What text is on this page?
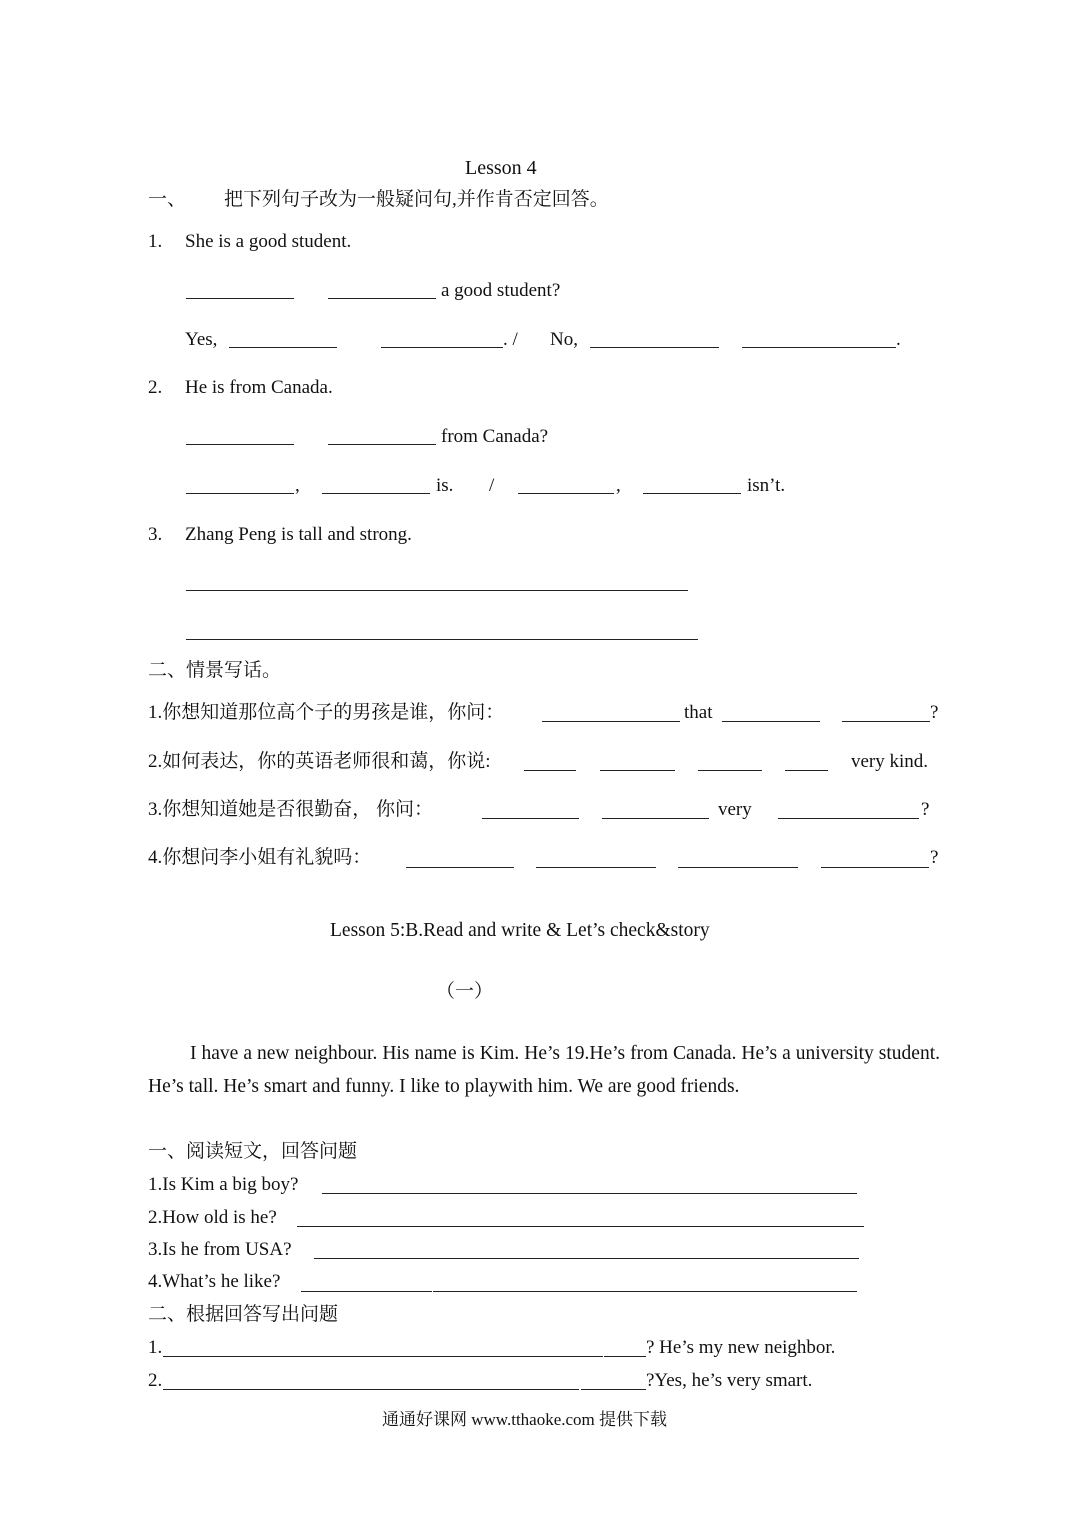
Lesson 4
一、 把下列句子改为一般疑问句,并作肯否定回答。
1. She is a good student.
a good student?
Yes,	. / No,	.
2. He is from Canada.
from Canada?
,	is. /	,	isn’t.
3. Zhang Peng is tall and strong.
二、情景写话。
1.你想知道那位高个子的男孩是谁，你问：	that	?
2.如何表达，你的英语老师很和蔼，你说:	very kind.
3.你想知道她是否很勤奋， 你问：	very	?
4.你想问李小姐有礼貌吗：	?
Lesson 5:B.Read and write & Let’s check&story
（一）
I have a new neighbour. His name is Kim. He’s 19.He’s from Canada. He’s a university student. He’s tall. He’s smart and funny. I like to playwith him. We are good friends.
一、阅读短文，回答问题
1.Is Kim a big boy?
2.How old is he?
3.Is he from USA?
4.What’s he like?
二、根据回答写出问题
1.	? He’s my new neighbor.
2.	?Yes, he’s very smart.
通通好课网 www.tthaoke.com 提供下载
